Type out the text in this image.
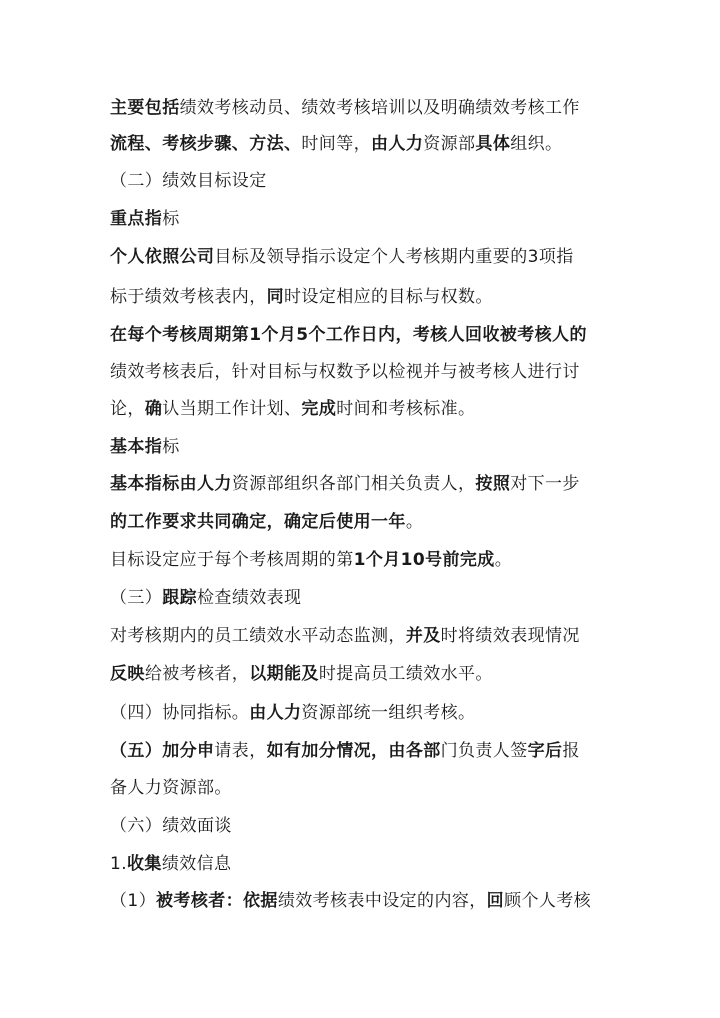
主要包括绩效考核动员、绩效考核培训以及明确绩效考核工作
流程、考核步骤、方法、时间等，由人力资源部具体组织。
（二）绩效目标设定
重点指标
个人依照公司目标及领导指示设定个人考核期内重要的3项指
标于绩效考核表内，同时设定相应的目标与权数。
在每个考核周期第1个月5个工作日内，考核人回收被考核人的
绩效考核表后，针对目标与权数予以检视并与被考核人进行讨
论，确认当期工作计划、完成时间和考核标准。
基本指标
基本指标由人力资源部组织各部门相关负责人，按照对下一步
的工作要求共同确定，确定后使用一年。
目标设定应于每个考核周期的第1个月10号前完成。
（三）跟踪检查绩效表现
对考核期内的员工绩效水平动态监测，并及时将绩效表现情况
反映给被考核者，以期能及时提高员工绩效水平。
（四）协同指标。由人力资源部统一组织考核。
（五）加分申请表，如有加分情况，由各部门负责人签字后报
备人力资源部。
（六）绩效面谈
1.收集绩效信息
（1）被考核者：依据绩效考核表中设定的内容，回顾个人考核
